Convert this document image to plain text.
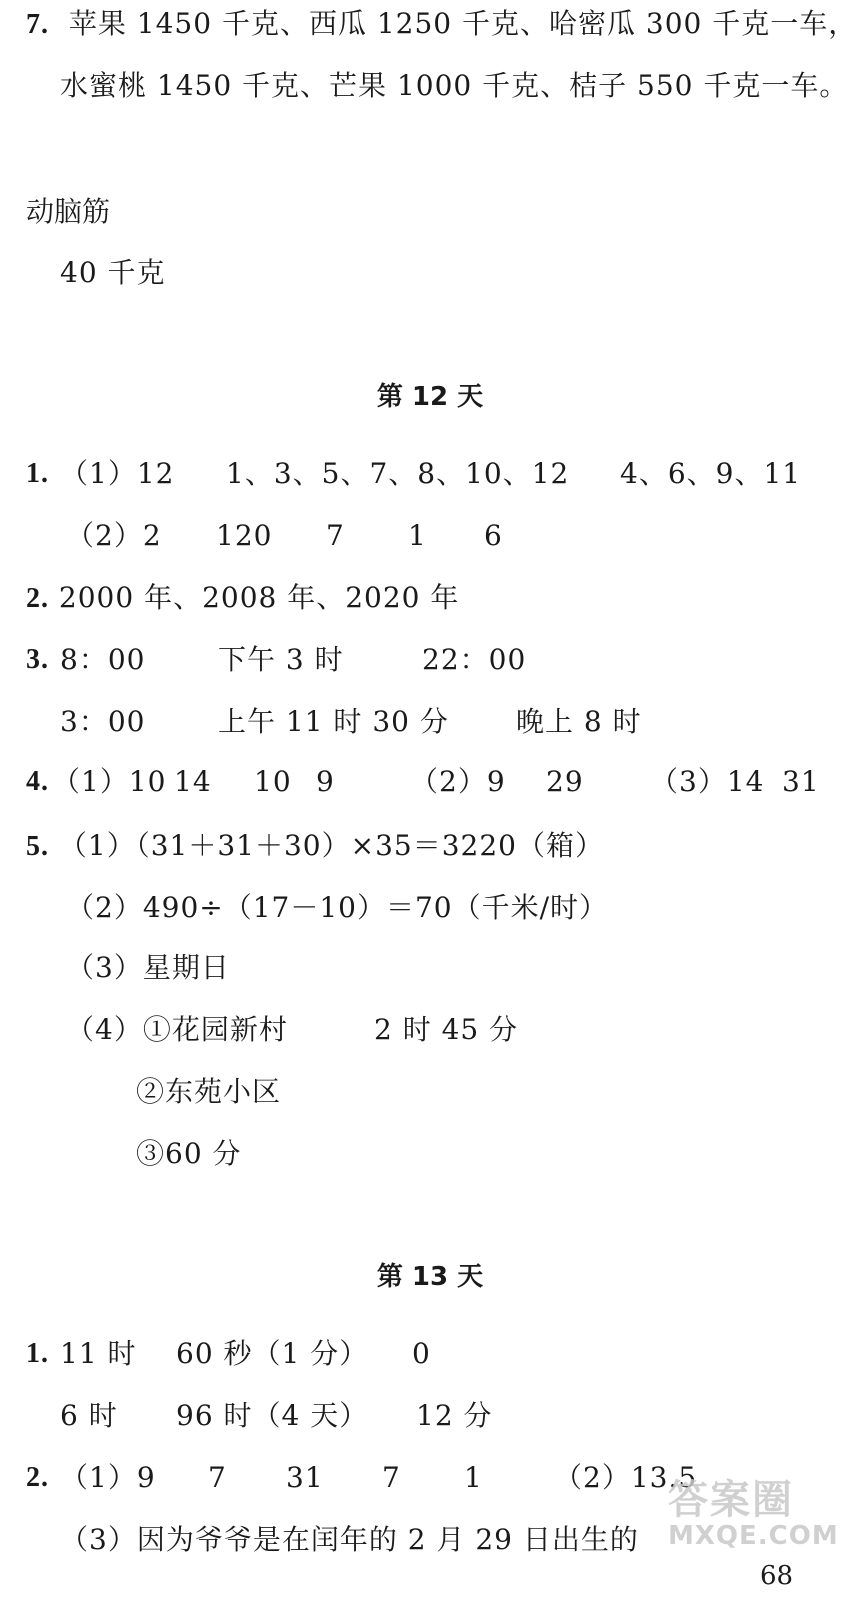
7. 苹果 1450 千克、西瓜 1250 千克、哈密瓜 300 千克一车，
水蜜桃 1450 千克、芒果 1000 千克、桔子 550 千克一车。
动脑筋
40 千克
第 12 天
1. （1）12 1、3、5、7、8、10、12 4、6、9、11
（2）2 120 7 1 6
2. 2000 年、2008 年、2020 年
3. 8：00	下午 3 时	22：00
3：00	上午 11 时 30 分 晚上 8 时
4. （1）10 14 10 9	（2）9 29 （3）14 31
5. （1）（31＋31＋30）×35＝3220（箱）
（2）490÷（17－10）＝70（千米/时）
（3）星期日
（4）①花园新村	2 时 45 分
②东苑小区
③60 分
第 13 天
1. 11 时 60 秒（1 分） 0
6 时 96 时（4 天） 12 分
2. （1）9 7 31 7 1	（2）13.5
（3）因为爷爷是在闰年的 2 月 29 日出生的
68
答案圈
MXQE.COM
